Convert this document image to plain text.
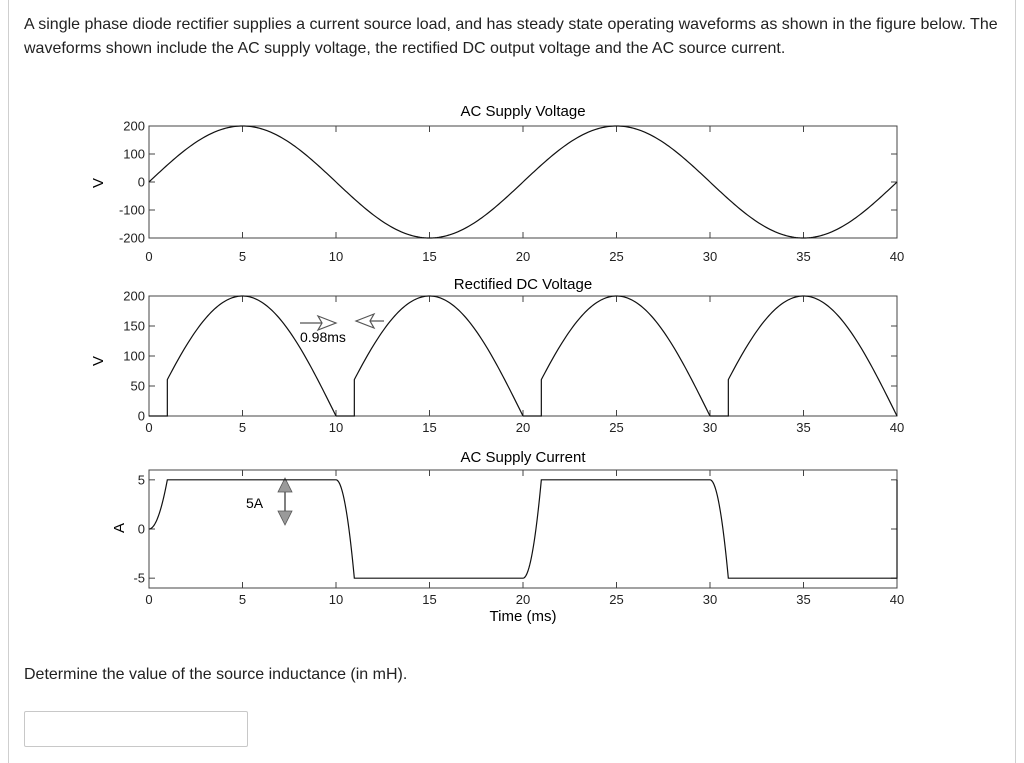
A single phase diode rectifier supplies a current source load, and has steady state operating waveforms as shown in the figure below. The waveforms shown include the AC supply voltage, the rectified DC output voltage and the AC source current.
AC Supply Voltage
Rectified DC Voltage
AC Supply Current
V
V
A
Time (ms)
0.98ms
5A
0	5	10	15	20	25	30	35	40
200
100
0
-100
-200
0	5	10	15	20	25	30	35	40
200
150
100
50
0
0	5	10	15	20	25	30	35	40
5
0
-5
Determine the value of the source inductance (in mH).
